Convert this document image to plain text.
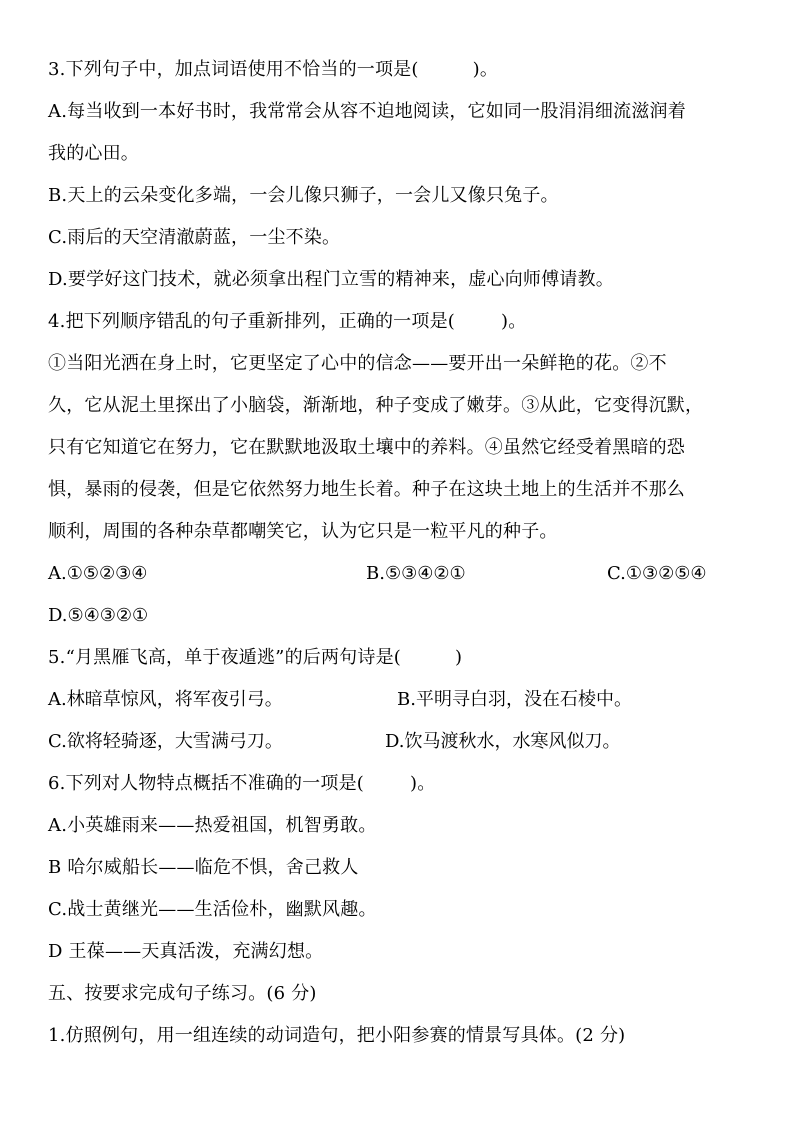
3.下列句子中，加点词语使用不恰当的一项是(	)。
A.每当收到一本好书时，我常常会从容不迫地阅读，它如同一股涓涓细流滋润着
我的心田。
B.天上的云朵变化多端，一会儿像只狮子，一会儿又像只兔子。
C.雨后的天空清澈蔚蓝，一尘不染。
D.要学好这门技术，就必须拿出程门立雪的精神来，虚心向师傅请教。
4.把下列顺序错乱的句子重新排列，正确的一项是(	)。
①当阳光洒在身上时，它更坚定了心中的信念——要开出一朵鲜艳的花。②不
久，它从泥土里探出了小脑袋，渐渐地，种子变成了嫩芽。③从此，它变得沉默，
只有它知道它在努力，它在默默地汲取土壤中的养料。④虽然它经受着黑暗的恐
惧，暴雨的侵袭，但是它依然努力地生长着。种子在这块土地上的生活并不那么
顺利，周围的各种杂草都嘲笑它，认为它只是一粒平凡的种子。
A.①⑤②③④	B.⑤③④②①	C.①③②⑤④
D.⑤④③②①
5.“月黑雁飞高，单于夜遁逃”的后两句诗是(	)
A.林暗草惊风，将军夜引弓。	B.平明寻白羽，没在石棱中。
C.欲将轻骑逐，大雪满弓刀。	D.饮马渡秋水，水寒风似刀。
6.下列对人物特点概括不准确的一项是(	)。
A.小英雄雨来——热爱祖国，机智勇敢。
B 哈尔威船长——临危不惧，舍己救人
C.战士黄继光——生活俭朴，幽默风趣。
D 王葆——天真活泼，充满幻想。
五、按要求完成句子练习。(6 分)
1.仿照例句，用一组连续的动词造句，把小阳参赛的情景写具体。(2 分)
